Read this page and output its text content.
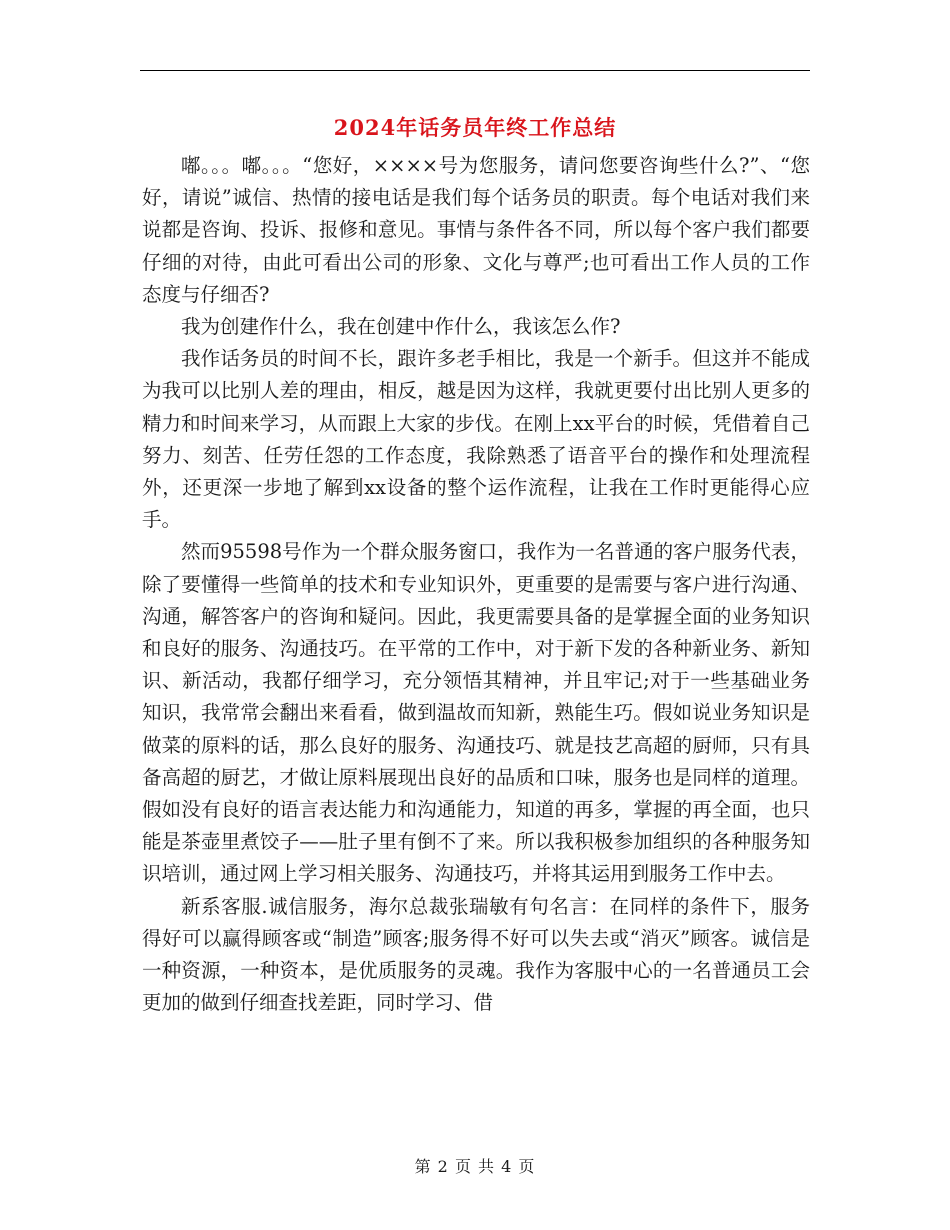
2024年话务员年终工作总结

嘟。。。嘟。。。“您好，××××号为您服务，请问您要咨询些什么?”、“您好，请说”诚信、热情的接电话是我们每个话务员的职责。每个电话对我们来说都是咨询、投诉、报修和意见。事情与条件各不同，所以每个客户我们都要仔细的对待，由此可看出公司的形象、文化与尊严;也可看出工作人员的工作态度与仔细否?

我为创建作什么，我在创建中作什么，我该怎么作?

我作话务员的时间不长，跟许多老手相比，我是一个新手。但这并不能成为我可以比别人差的理由，相反，越是因为这样，我就更要付出比别人更多的精力和时间来学习，从而跟上大家的步伐。在刚上xx平台的时候，凭借着自己努力、刻苦、任劳任怨的工作态度，我除熟悉了语音平台的操作和处理流程外，还更深一步地了解到xx设备的整个运作流程，让我在工作时更能得心应手。

然而95598号作为一个群众服务窗口，我作为一名普通的客户服务代表，除了要懂得一些简单的技术和专业知识外，更重要的是需要与客户进行沟通、沟通，解答客户的咨询和疑问。因此，我更需要具备的是掌握全面的业务知识和良好的服务、沟通技巧。在平常的工作中，对于新下发的各种新业务、新知识、新活动，我都仔细学习，充分领悟其精神，并且牢记;对于一些基础业务知识，我常常会翻出来看看，做到温故而知新，熟能生巧。假如说业务知识是做菜的原料的话，那么良好的服务、沟通技巧、就是技艺高超的厨师，只有具备高超的厨艺，才做让原料展现出良好的品质和口味，服务也是同样的道理。假如没有良好的语言表达能力和沟通能力，知道的再多，掌握的再全面，也只能是茶壶里煮饺子——肚子里有倒不了来。所以我积极参加组织的各种服务知识培训，通过网上学习相关服务、沟通技巧，并将其运用到服务工作中去。

新系客服.诚信服务，海尔总裁张瑞敏有句名言：在同样的条件下，服务得好可以赢得顾客或“制造”顾客;服务得不好可以失去或“消灭”顾客。诚信是一种资源，一种资本，是优质服务的灵魂。我作为客服中心的一名普通员工会更加的做到仔细查找差距，同时学习、借

第 2 页 共 4 页
